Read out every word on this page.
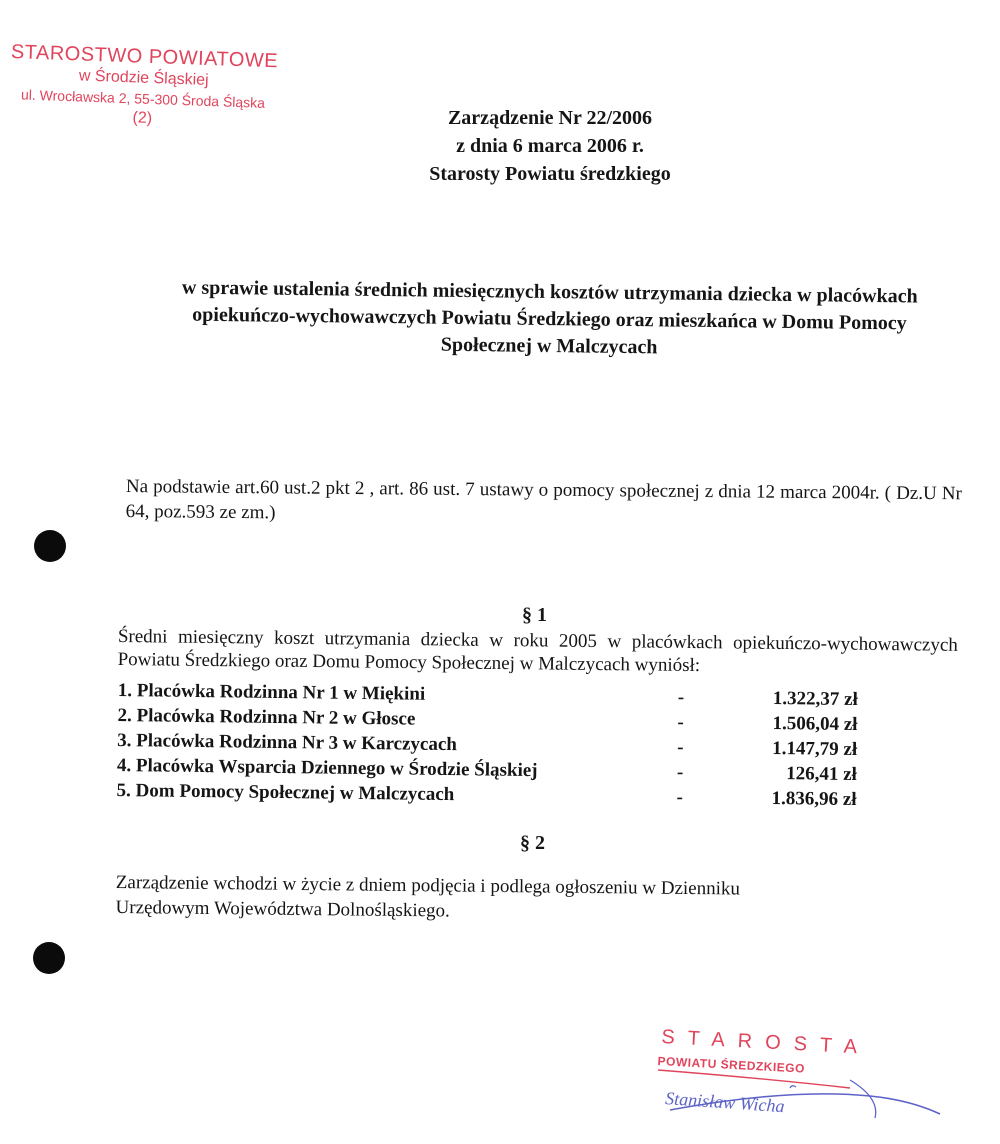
STAROSTWO POWIATOWE
w Środzie Śląskiej
ul. Wrocławska 2, 55-300 Środa Śląska
(2)	Zarządzenie Nr 22/2006
z dnia 6 marca 2006 r.
Starosty Powiatu średzkiego
w sprawie ustalenia średnich miesięcznych kosztów utrzymania dziecka w placówkach
opiekuńczo-wychowawczych Powiatu Średzkiego oraz mieszkańca w Domu Pomocy
Społecznej w Malczycach
Na podstawie art.60 ust.2 pkt 2 , art. 86 ust. 7 ustawy o pomocy społecznej z dnia 12 marca 2004r. ( Dz.U Nr 64, poz.593 ze zm.)
§ 1
Średni miesięczny koszt utrzymania dziecka w roku 2005 w placówkach opiekuńczo-wychowawczych Powiatu Średzkiego oraz Domu Pomocy Społecznej w Malczycach wyniósł:
1. Placówka Rodzinna Nr 1 w Miękini	-	1.322,37 zł
2. Placówka Rodzinna Nr 2 w Głosce	-	1.506,04 zł
3. Placówka Rodzinna Nr 3 w Karczycach	-	1.147,79 zł
4. Placówka Wsparcia Dziennego w Środzie Śląskiej	-	126,41 zł
5. Dom Pomocy Społecznej w Malczycach	-	1.836,96 zł
§ 2
Zarządzenie wchodzi w życie z dniem podjęcia i podlega ogłoszeniu w Dzienniku
Urzędowym Województwa Dolnośląskiego.
STAROSTA
POWIATU ŚREDZKIEGO
Stanisław Wicha
